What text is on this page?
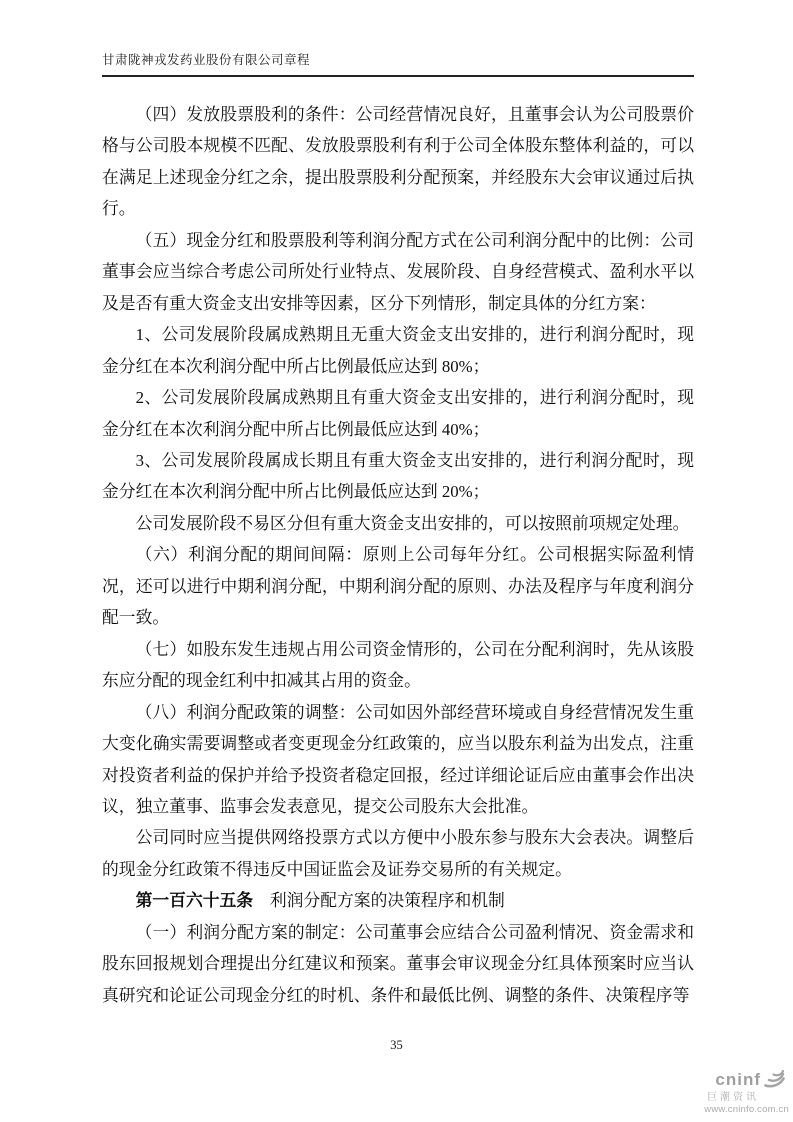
甘肃陇神戎发药业股份有限公司章程

（四）发放股票股利的条件：公司经营情况良好，且董事会认为公司股票价格与公司股本规模不匹配、发放股票股利有利于公司全体股东整体利益的，可以在满足上述现金分红之余，提出股票股利分配预案，并经股东大会审议通过后执行。

（五）现金分红和股票股利等利润分配方式在公司利润分配中的比例：公司董事会应当综合考虑公司所处行业特点、发展阶段、自身经营模式、盈利水平以及是否有重大资金支出安排等因素，区分下列情形，制定具体的分红方案：

1、公司发展阶段属成熟期且无重大资金支出安排的，进行利润分配时，现金分红在本次利润分配中所占比例最低应达到 80%；

2、公司发展阶段属成熟期且有重大资金支出安排的，进行利润分配时，现金分红在本次利润分配中所占比例最低应达到 40%；

3、公司发展阶段属成长期且有重大资金支出安排的，进行利润分配时，现金分红在本次利润分配中所占比例最低应达到 20%；

公司发展阶段不易区分但有重大资金支出安排的，可以按照前项规定处理。

（六）利润分配的期间间隔：原则上公司每年分红。公司根据实际盈利情况，还可以进行中期利润分配，中期利润分配的原则、办法及程序与年度利润分配一致。

（七）如股东发生违规占用公司资金情形的，公司在分配利润时，先从该股东应分配的现金红利中扣减其占用的资金。

（八）利润分配政策的调整：公司如因外部经营环境或自身经营情况发生重大变化确实需要调整或者变更现金分红政策的，应当以股东利益为出发点，注重对投资者利益的保护并给予投资者稳定回报，经过详细论证后应由董事会作出决议，独立董事、监事会发表意见，提交公司股东大会批准。

公司同时应当提供网络投票方式以方便中小股东参与股东大会表决。调整后的现金分红政策不得违反中国证监会及证券交易所的有关规定。

第一百六十五条 利润分配方案的决策程序和机制

（一）利润分配方案的制定：公司董事会应结合公司盈利情况、资金需求和股东回报规划合理提出分红建议和预案。董事会审议现金分红具体预案时应当认真研究和论证公司现金分红的时机、条件和最低比例、调整的条件、决策程序等

35
cninf
巨潮资讯
www.cninfo.com.cn
